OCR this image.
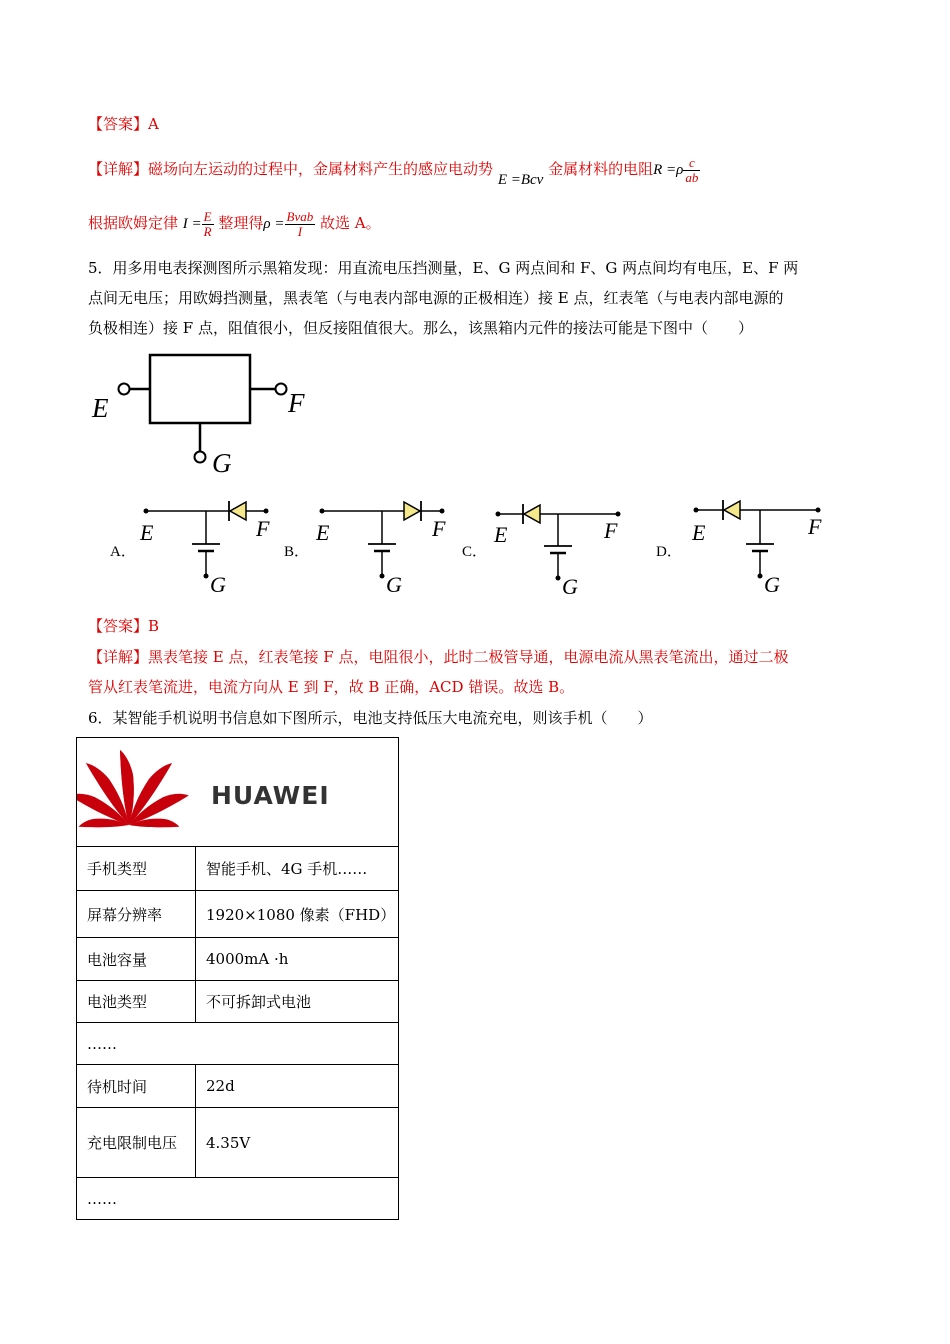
【答案】A
【详解】磁场向左运动的过程中，金属材料产生的感应电动势 E =Bcv 金属材料的电阻$R =\rho \frac{c}{ab}$
根据欧姆定律 $I = \frac{E}{R}$ 整理得$\rho = \frac{\text{Bvab}}{I}$ 故选 A。
5．用多用电表探测图所示黑箱发现：用直流电压挡测量，E、G 两点间和 F、G 两点间均有电压，E、F 两
点间无电压；用欧姆挡测量，黑表笔（与电表内部电源的正极相连）接 E 点，红表笔（与电表内部电源的
负极相连）接 F 点，阻值很小，但反接阻值很大。那么，该黑箱内元件的接法可能是下图中（　　）
E	F
G
A．
E	F
G
B．
E	F
G
C．
E	F
G
D．
E	F
G
【答案】B
【详解】黑表笔接 E 点，红表笔接 F 点，电阻很小，此时二极管导通，电源电流从黑表笔流出，通过二极
管从红表笔流进，电流方向从 E 到 F，故 B 正确，ACD 错误。故选 B。
6．某智能手机说明书信息如下图所示，电池支持低压大电流充电，则该手机（　　）
HUAWEI	

手机类型	智能手机、4G 手机……
屏幕分辨率	1920×1080 像素（FHD）
电池容量	4000mA ·h
电池类型	不可拆卸式电池
……	
待机时间	22d
充电限制电压	4.35V
……	
